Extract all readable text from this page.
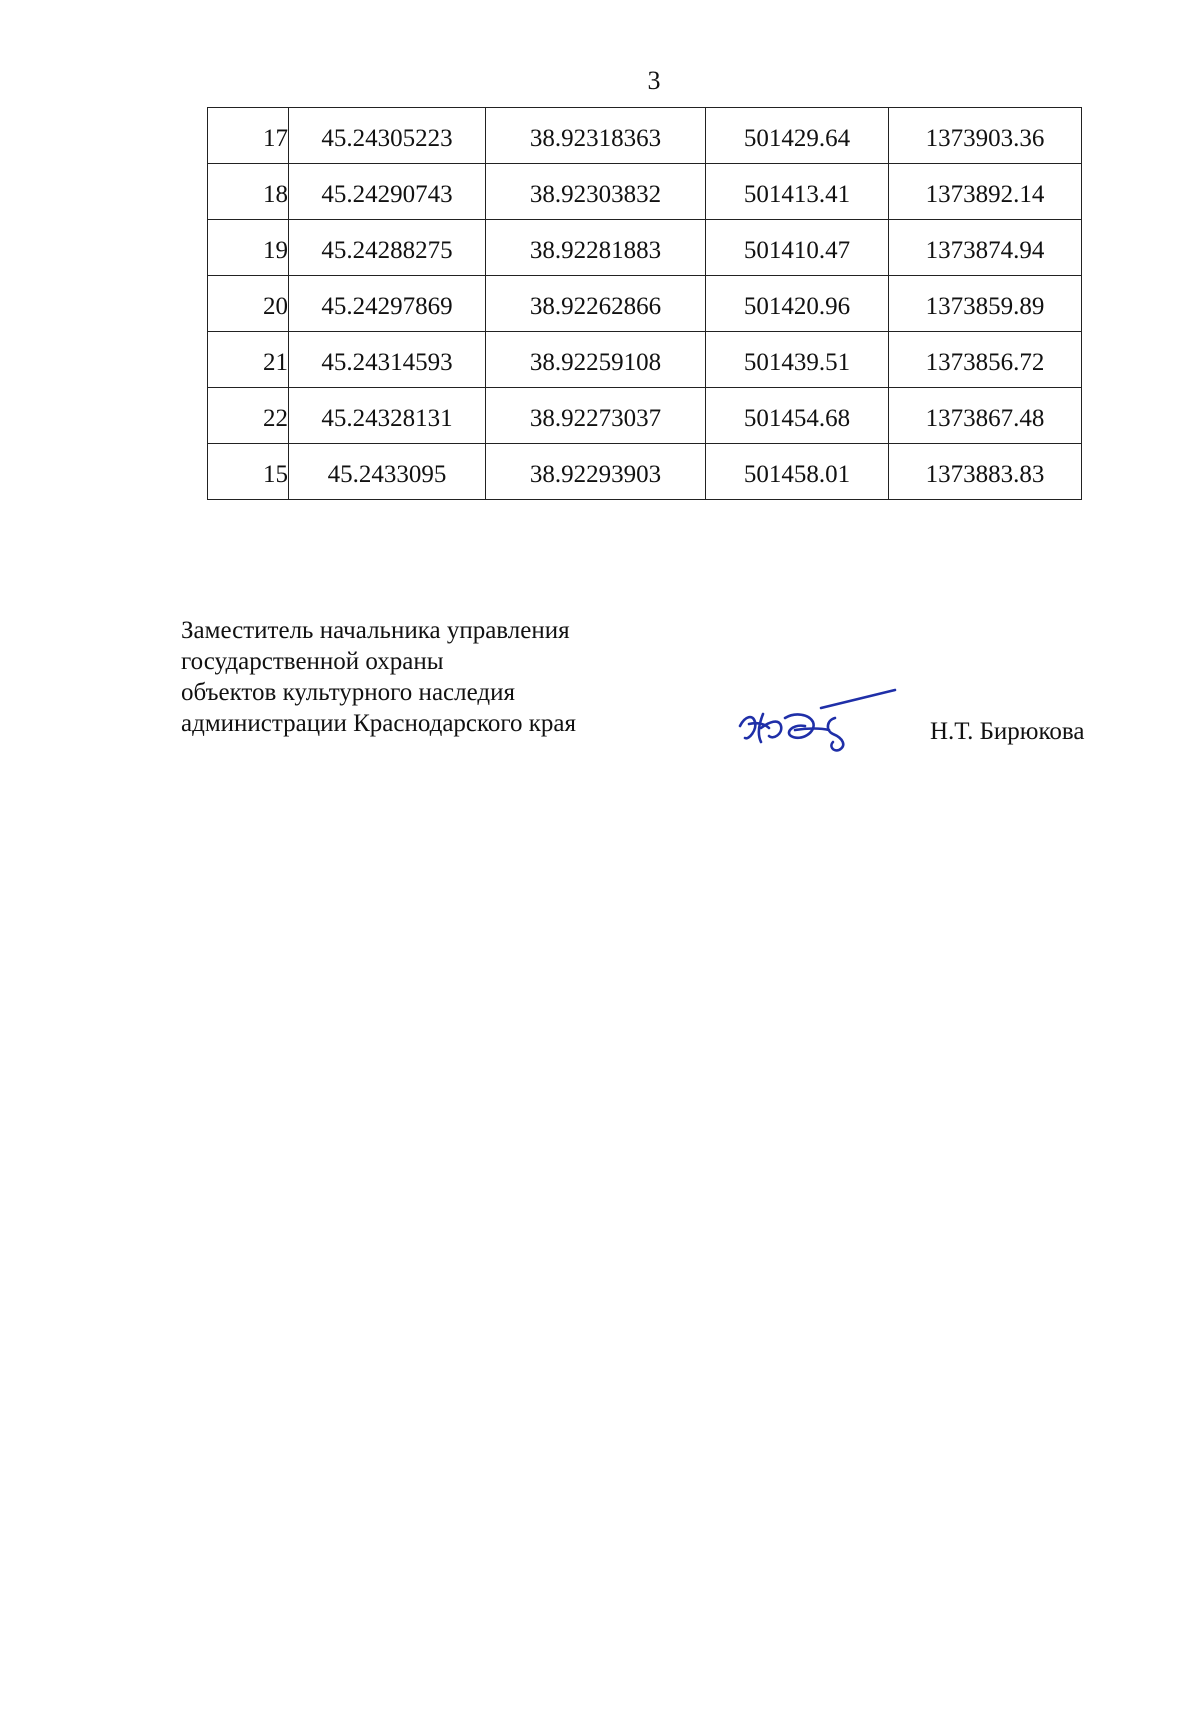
3
17	45.24305223	38.92318363	501429.64	1373903.36
18	45.24290743	38.92303832	501413.41	1373892.14
19	45.24288275	38.92281883	501410.47	1373874.94
20	45.24297869	38.92262866	501420.96	1373859.89
21	45.24314593	38.92259108	501439.51	1373856.72
22	45.24328131	38.92273037	501454.68	1373867.48
15	45.2433095	38.92293903	501458.01	1373883.83
Заместитель начальника управления
государственной охраны
объектов культурного наследия
администрации Краснодарского края	Н.Т. Бирюкова
